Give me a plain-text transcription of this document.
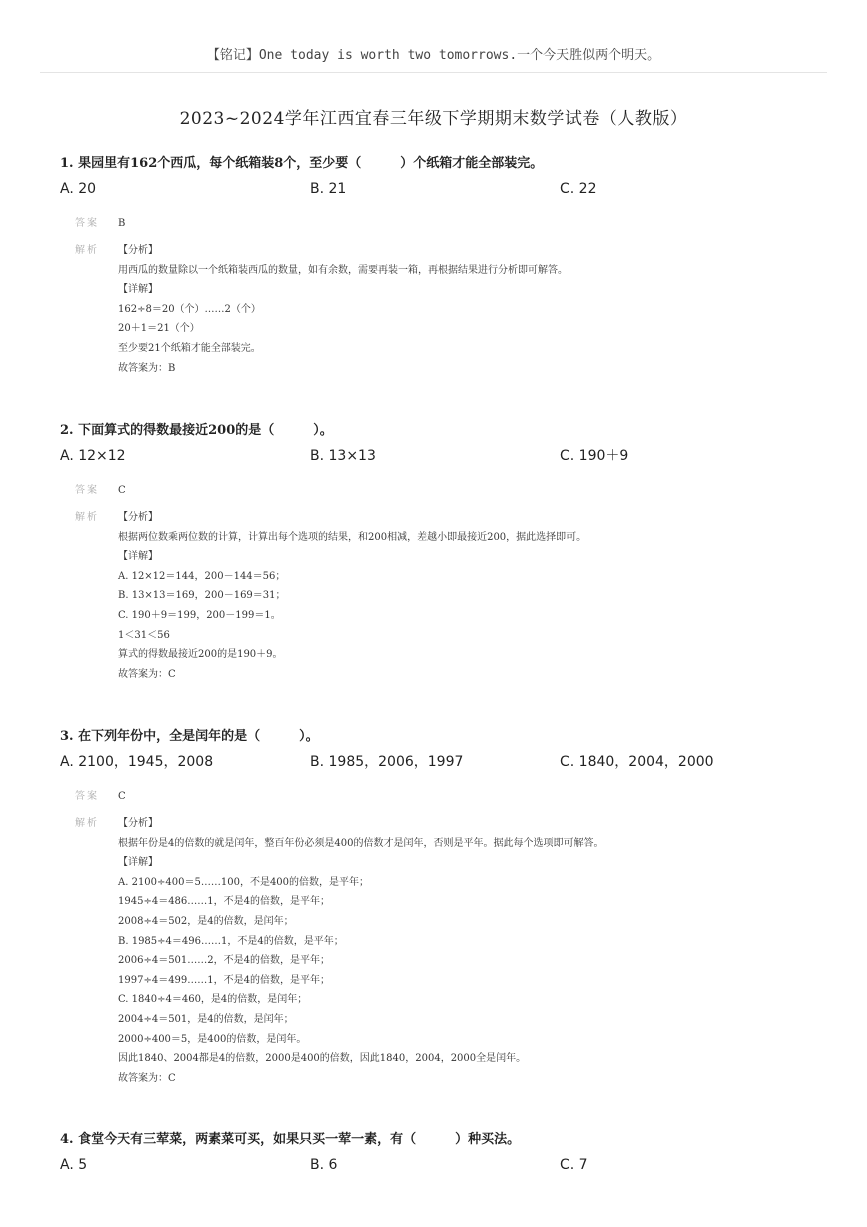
【铭记】One today is worth two tomorrows.一个今天胜似两个明天。
2023~2024学年江西宜春三年级下学期期末数学试卷（人教版）
1. 果园里有162个西瓜，每个纸箱装8个，至少要（　　　）个纸箱才能全部装完。
A. 20	B. 21	C. 22
答案 B
解析 【分析】
用西瓜的数量除以一个纸箱装西瓜的数量，如有余数，需要再装一箱，再根据结果进行分析即可解答。
【详解】
162÷8＝20（个）……2（个）
20＋1＝21（个）
至少要21个纸箱才能全部装完。
故答案为：B
2. 下面算式的得数最接近200的是（　　　）。
A. 12×12	B. 13×13	C. 190＋9
答案 C
解析 【分析】
根据两位数乘两位数的计算，计算出每个选项的结果，和200相减，差越小即最接近200，据此选择即可。
【详解】
A. 12×12＝144，200－144＝56；
B. 13×13＝169，200－169＝31；
C. 190＋9＝199，200－199＝1。
1＜31＜56
算式的得数最接近200的是190＋9。
故答案为：C
3. 在下列年份中，全是闰年的是（　　　）。
A. 2100，1945，2008	B. 1985，2006，1997	C. 1840，2004，2000
答案 C
解析 【分析】
根据年份是4的倍数的就是闰年，整百年份必须是400的倍数才是闰年，否则是平年。据此每个选项即可解答。
【详解】
A. 2100÷400＝5……100，不是400的倍数，是平年；
1945÷4＝486……1，不是4的倍数，是平年；
2008÷4＝502，是4的倍数，是闰年；
B. 1985÷4＝496……1，不是4的倍数，是平年；
2006÷4＝501……2，不是4的倍数，是平年；
1997÷4＝499……1，不是4的倍数，是平年；
C. 1840÷4＝460，是4的倍数，是闰年；
2004÷4＝501，是4的倍数，是闰年；
2000÷400＝5，是400的倍数，是闰年。
因此1840、2004都是4的倍数，2000是400的倍数，因此1840，2004，2000全是闰年。
故答案为：C
4. 食堂今天有三荤菜，两素菜可买，如果只买一荤一素，有（　　　）种买法。
A. 5	B. 6	C. 7
